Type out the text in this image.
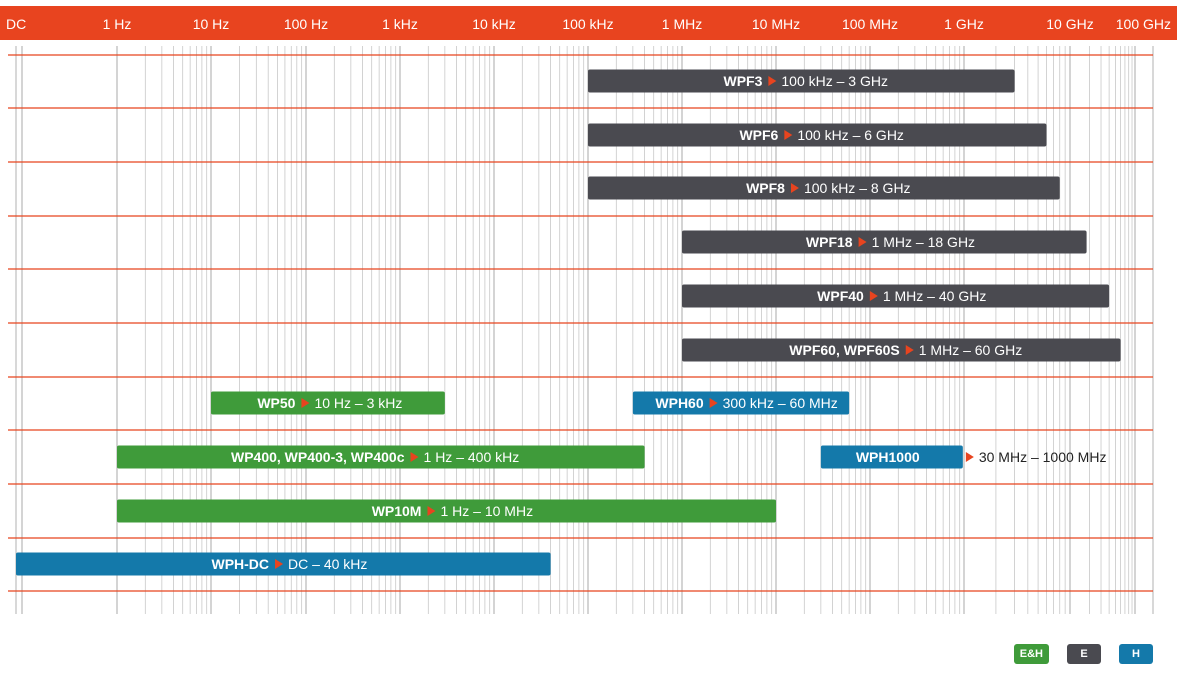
DC	1 Hz	10 Hz	100 Hz	1 kHz	10 kHz	100 kHz	1 MHz	10 MHz	100 MHz	1 GHz	10 GHz 100 GHz
WPF3 100 kHz – 3 GHz
WPF6 100 kHz – 6 GHz
WPF8 100 kHz – 8 GHz
WPF18 1 MHz – 18 GHz
WPF40 1 MHz – 40 GHz
WPF60, WPF60S 1 MHz – 60 GHz
WP50 10 Hz – 3 kHz	WPH60 300 kHz – 60 MHz
WP400, WP400-3, WP400c 1 Hz – 400 kHz	WPH1000	30 MHz – 1000 MHz
WP10M 1 Hz – 10 MHz
WPH-DC DC – 40 kHz
E&H	E	H
